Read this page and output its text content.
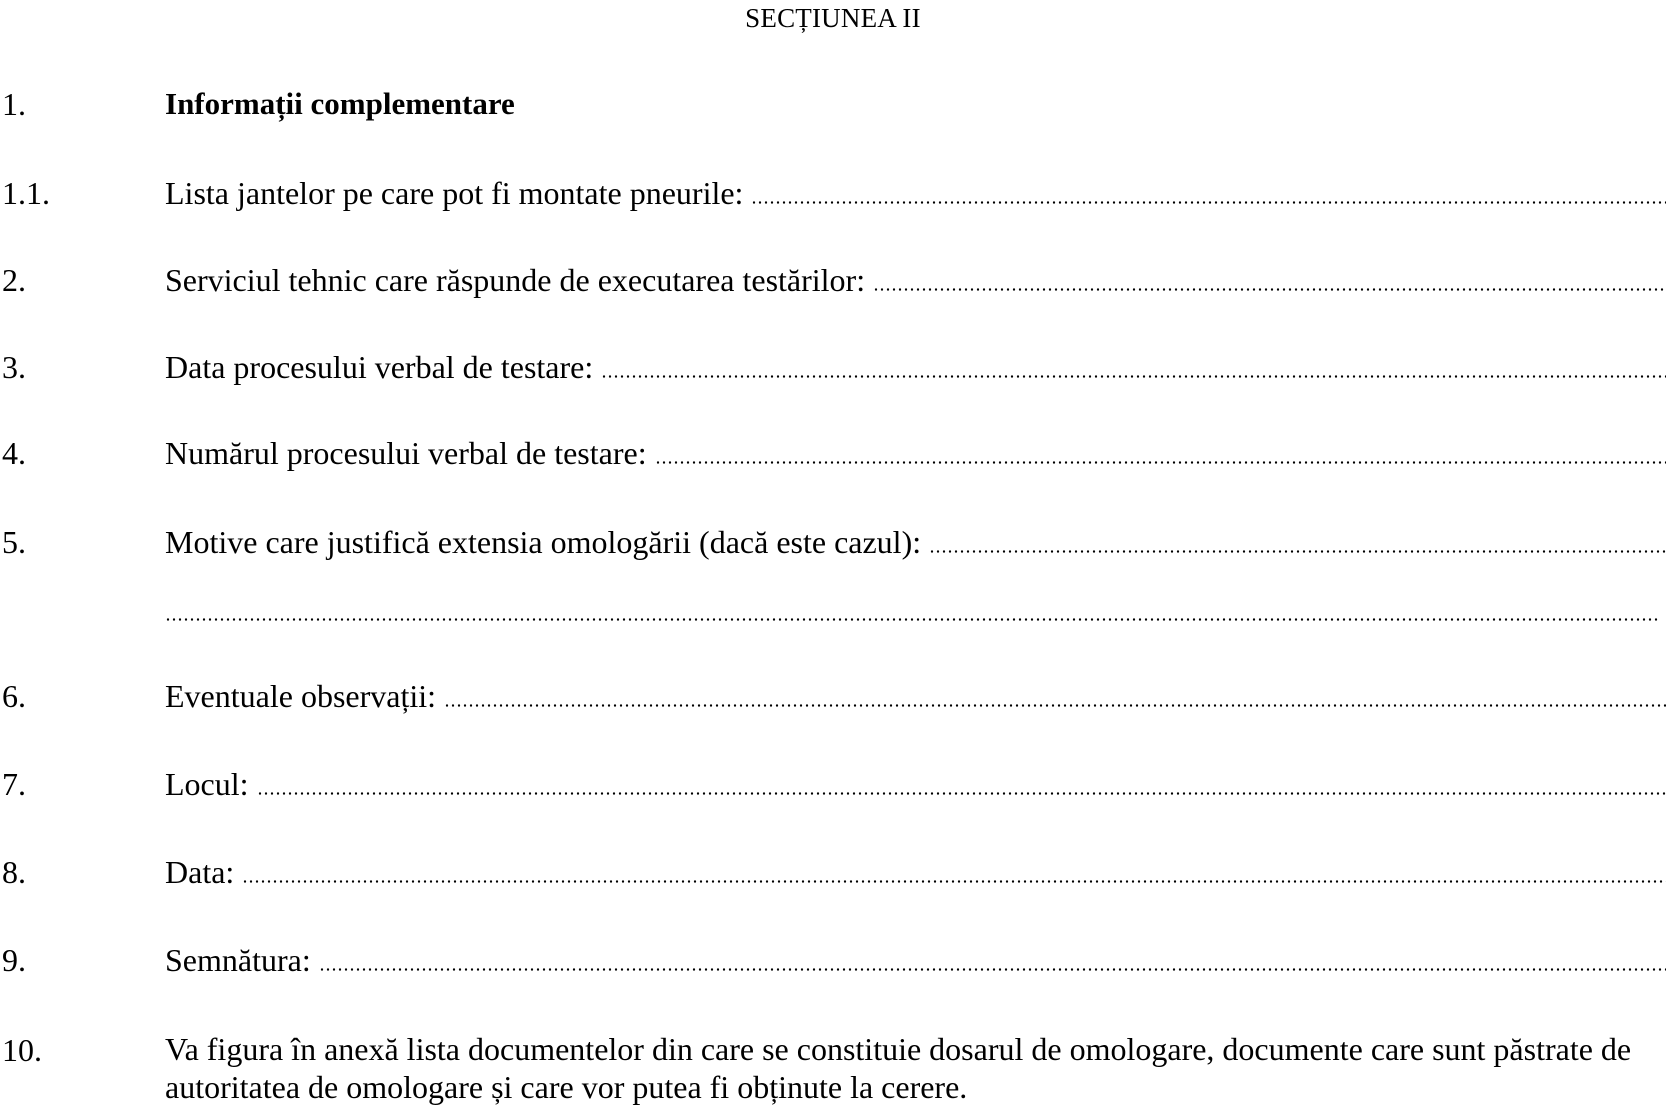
SECȚIUNEA II
1.	Informații complementare
1.1.	Lista jantelor pe care pot fi montate pneurile:
2.	Serviciul tehnic care răspunde de executarea testărilor:
3.	Data procesului verbal de testare:
4.	Numărul procesului verbal de testare:
5.	Motive care justifică extensia omologării (dacă este cazul):
6.	Eventuale observații:
7.	Locul:
8.	Data:
9.	Semnătura:
10.	Va figura în anexă lista documentelor din care se constituie dosarul de omologare, documente care sunt păstrate de autoritatea de omologare și care vor putea fi obținute la cerere.
